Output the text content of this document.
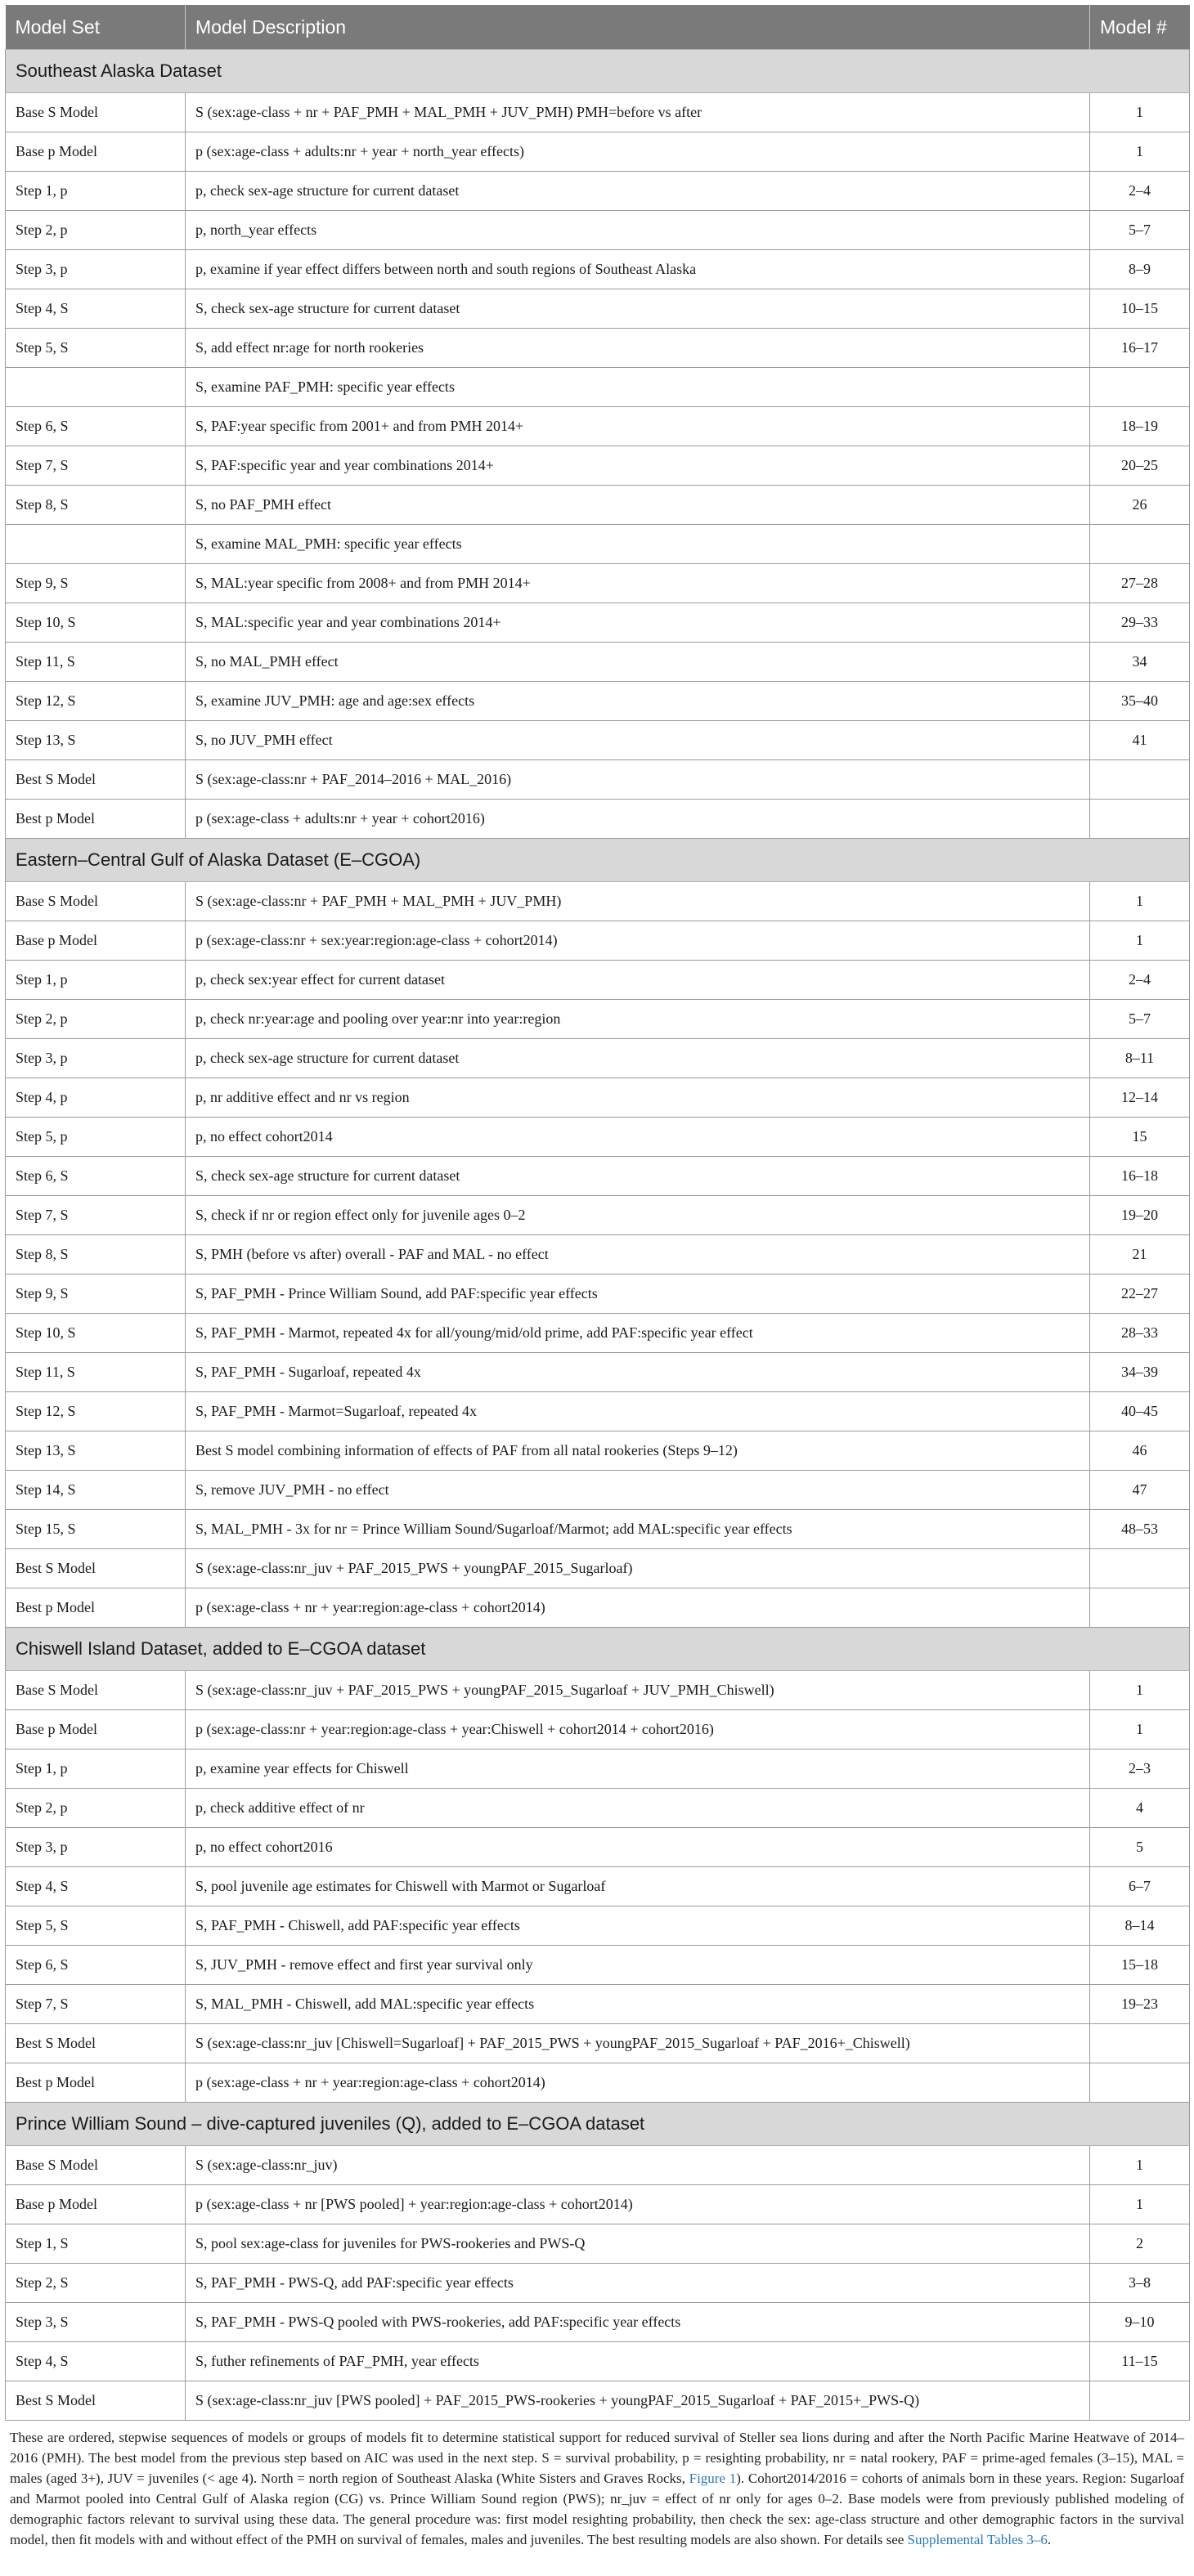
Model Set	Model Description	Model #
Southeast Alaska Dataset		
Base S Model	S (sex:age-class + nr + PAF_PMH + MAL_PMH + JUV_PMH) PMH=before vs after	1
Base p Model	p (sex:age-class + adults:nr + year + north_year effects)	1
Step 1, p	p, check sex-age structure for current dataset	2–4
Step 2, p	p, north_year effects	5–7
Step 3, p	p, examine if year effect differs between north and south regions of Southeast Alaska	8–9
Step 4, S	S, check sex-age structure for current dataset	10–15
Step 5, S	S, add effect nr:age for north rookeries	16–17
	S, examine PAF_PMH: specific year effects	
Step 6, S	S, PAF:year specific from 2001+ and from PMH 2014+	18–19
Step 7, S	S, PAF:specific year and year combinations 2014+	20–25
Step 8, S	S, no PAF_PMH effect	26
	S, examine MAL_PMH: specific year effects	
Step 9, S	S, MAL:year specific from 2008+ and from PMH 2014+	27–28
Step 10, S	S, MAL:specific year and year combinations 2014+	29–33
Step 11, S	S, no MAL_PMH effect	34
Step 12, S	S, examine JUV_PMH: age and age:sex effects	35–40
Step 13, S	S, no JUV_PMH effect	41
Best S Model	S (sex:age-class:nr + PAF_2014–2016 + MAL_2016)	
Best p Model	p (sex:age-class + adults:nr + year + cohort2016)	
Eastern–Central Gulf of Alaska Dataset (E–CGOA)		
Base S Model	S (sex:age-class:nr + PAF_PMH + MAL_PMH + JUV_PMH)	1
Base p Model	p (sex:age-class:nr + sex:year:region:age-class + cohort2014)	1
Step 1, p	p, check sex:year effect for current dataset	2–4
Step 2, p	p, check nr:year:age and pooling over year:nr into year:region	5–7
Step 3, p	p, check sex-age structure for current dataset	8–11
Step 4, p	p, nr additive effect and nr vs region	12–14
Step 5, p	p, no effect cohort2014	15
Step 6, S	S, check sex-age structure for current dataset	16–18
Step 7, S	S, check if nr or region effect only for juvenile ages 0–2	19–20
Step 8, S	S, PMH (before vs after) overall - PAF and MAL - no effect	21
Step 9, S	S, PAF_PMH - Prince William Sound, add PAF:specific year effects	22–27
Step 10, S	S, PAF_PMH - Marmot, repeated 4x for all/young/mid/old prime, add PAF:specific year effect	28–33
Step 11, S	S, PAF_PMH - Sugarloaf, repeated 4x	34–39
Step 12, S	S, PAF_PMH - Marmot=Sugarloaf, repeated 4x	40–45
Step 13, S	Best S model combining information of effects of PAF from all natal rookeries (Steps 9–12)	46
Step 14, S	S, remove JUV_PMH - no effect	47
Step 15, S	S, MAL_PMH - 3x for nr = Prince William Sound/Sugarloaf/Marmot; add MAL:specific year effects	48–53
Best S Model	S (sex:age-class:nr_juv + PAF_2015_PWS + youngPAF_2015_Sugarloaf)	
Best p Model	p (sex:age-class + nr + year:region:age-class + cohort2014)	
Chiswell Island Dataset, added to E–CGOA dataset		
Base S Model	S (sex:age-class:nr_juv + PAF_2015_PWS + youngPAF_2015_Sugarloaf + JUV_PMH_Chiswell)	1
Base p Model	p (sex:age-class:nr + year:region:age-class + year:Chiswell + cohort2014 + cohort2016)	1
Step 1, p	p, examine year effects for Chiswell	2–3
Step 2, p	p, check additive effect of nr	4
Step 3, p	p, no effect cohort2016	5
Step 4, S	S, pool juvenile age estimates for Chiswell with Marmot or Sugarloaf	6–7
Step 5, S	S, PAF_PMH - Chiswell, add PAF:specific year effects	8–14
Step 6, S	S, JUV_PMH - remove effect and first year survival only	15–18
Step 7, S	S, MAL_PMH - Chiswell, add MAL:specific year effects	19–23
Best S Model	S (sex:age-class:nr_juv [Chiswell=Sugarloaf] + PAF_2015_PWS + youngPAF_2015_Sugarloaf + PAF_2016+_Chiswell)	
Best p Model	p (sex:age-class + nr + year:region:age-class + cohort2014)	
Prince William Sound – dive-captured juveniles (Q), added to E–CGOA dataset		
Base S Model	S (sex:age-class:nr_juv)	1
Base p Model	p (sex:age-class + nr [PWS pooled] + year:region:age-class + cohort2014)	1
Step 1, S	S, pool sex:age-class for juveniles for PWS-rookeries and PWS-Q	2
Step 2, S	S, PAF_PMH - PWS-Q, add PAF:specific year effects	3–8
Step 3, S	S, PAF_PMH - PWS-Q pooled with PWS-rookeries, add PAF:specific year effects	9–10
Step 4, S	S, futher refinements of PAF_PMH, year effects	11–15
Best S Model	S (sex:age-class:nr_juv [PWS pooled] + PAF_2015_PWS-rookeries + youngPAF_2015_Sugarloaf + PAF_2015+_PWS-Q)	
These are ordered, stepwise sequences of models or groups of models fit to determine statistical support for reduced survival of Steller sea lions during and after the North Pacific Marine Heatwave of 2014–2016 (PMH). The best model from the previous step based on AIC was used in the next step. S = survival probability, p = resighting probability, nr = natal rookery, PAF = prime-aged females (3–15), MAL = males (aged 3+), JUV = juveniles (< age 4). North = north region of Southeast Alaska (White Sisters and Graves Rocks, Figure 1). Cohort2014/2016 = cohorts of animals born in these years. Region: Sugarloaf and Marmot pooled into Central Gulf of Alaska region (CG) vs. Prince William Sound region (PWS); nr_juv = effect of nr only for ages 0–2. Base models were from previously published modeling of demographic factors relevant to survival using these data. The general procedure was: first model resighting probability, then check the sex: age-class structure and other demographic factors in the survival model, then fit models with and without effect of the PMH on survival of females, males and juveniles. The best resulting models are also shown. For details see Supplemental Tables 3–6.
